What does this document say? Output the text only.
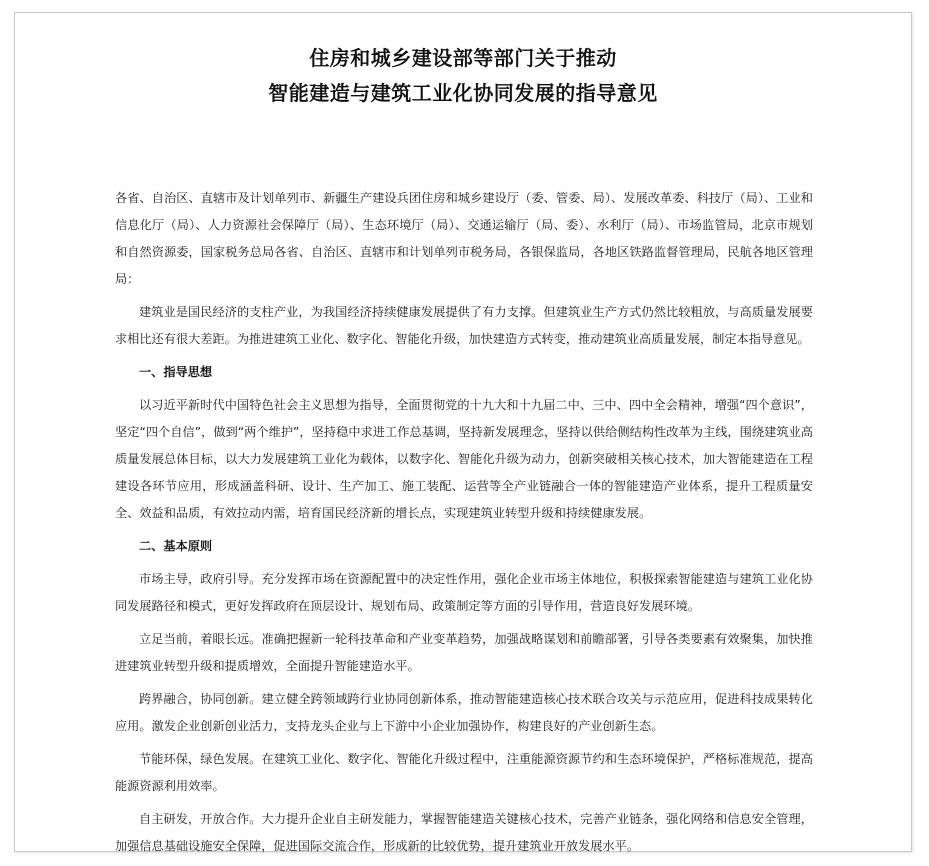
住房和城乡建设部等部门关于推动
智能建造与建筑工业化协同发展的指导意见

各省、自治区、直辖市及计划单列市、新疆生产建设兵团住房和城乡建设厅（委、管委、局）、发展改革委、科技厅（局）、工业和信息化厅（局）、人力资源社会保障厅（局）、生态环境厅（局）、交通运输厅（局、委）、水利厅（局）、市场监管局，北京市规划和自然资源委，国家税务总局各省、自治区、直辖市和计划单列市税务局，各银保监局，各地区铁路监督管理局，民航各地区管理局：

建筑业是国民经济的支柱产业，为我国经济持续健康发展提供了有力支撑。但建筑业生产方式仍然比较粗放，与高质量发展要求相比还有很大差距。为推进建筑工业化、数字化、智能化升级，加快建造方式转变，推动建筑业高质量发展，制定本指导意见。

一、指导思想

以习近平新时代中国特色社会主义思想为指导，全面贯彻党的十九大和十九届二中、三中、四中全会精神，增强“四个意识”，坚定“四个自信”，做到“两个维护”，坚持稳中求进工作总基调，坚持新发展理念，坚持以供给侧结构性改革为主线，围绕建筑业高质量发展总体目标，以大力发展建筑工业化为载体，以数字化、智能化升级为动力，创新突破相关核心技术，加大智能建造在工程建设各环节应用，形成涵盖科研、设计、生产加工、施工装配、运营等全产业链融合一体的智能建造产业体系，提升工程质量安全、效益和品质，有效拉动内需，培育国民经济新的增长点，实现建筑业转型升级和持续健康发展。

二、基本原则

市场主导，政府引导。充分发挥市场在资源配置中的决定性作用，强化企业市场主体地位，积极探索智能建造与建筑工业化协同发展路径和模式，更好发挥政府在顶层设计、规划布局、政策制定等方面的引导作用，营造良好发展环境。

立足当前，着眼长远。准确把握新一轮科技革命和产业变革趋势，加强战略谋划和前瞻部署，引导各类要素有效聚集，加快推进建筑业转型升级和提质增效，全面提升智能建造水平。

跨界融合，协同创新。建立健全跨领域跨行业协同创新体系，推动智能建造核心技术联合攻关与示范应用，促进科技成果转化应用。激发企业创新创业活力，支持龙头企业与上下游中小企业加强协作，构建良好的产业创新生态。

节能环保，绿色发展。在建筑工业化、数字化、智能化升级过程中，注重能源资源节约和生态环境保护，严格标准规范，提高能源资源利用效率。

自主研发，开放合作。大力提升企业自主研发能力，掌握智能建造关键核心技术，完善产业链条，强化网络和信息安全管理，加强信息基础设施安全保障，促进国际交流合作，形成新的比较优势，提升建筑业开放发展水平。
